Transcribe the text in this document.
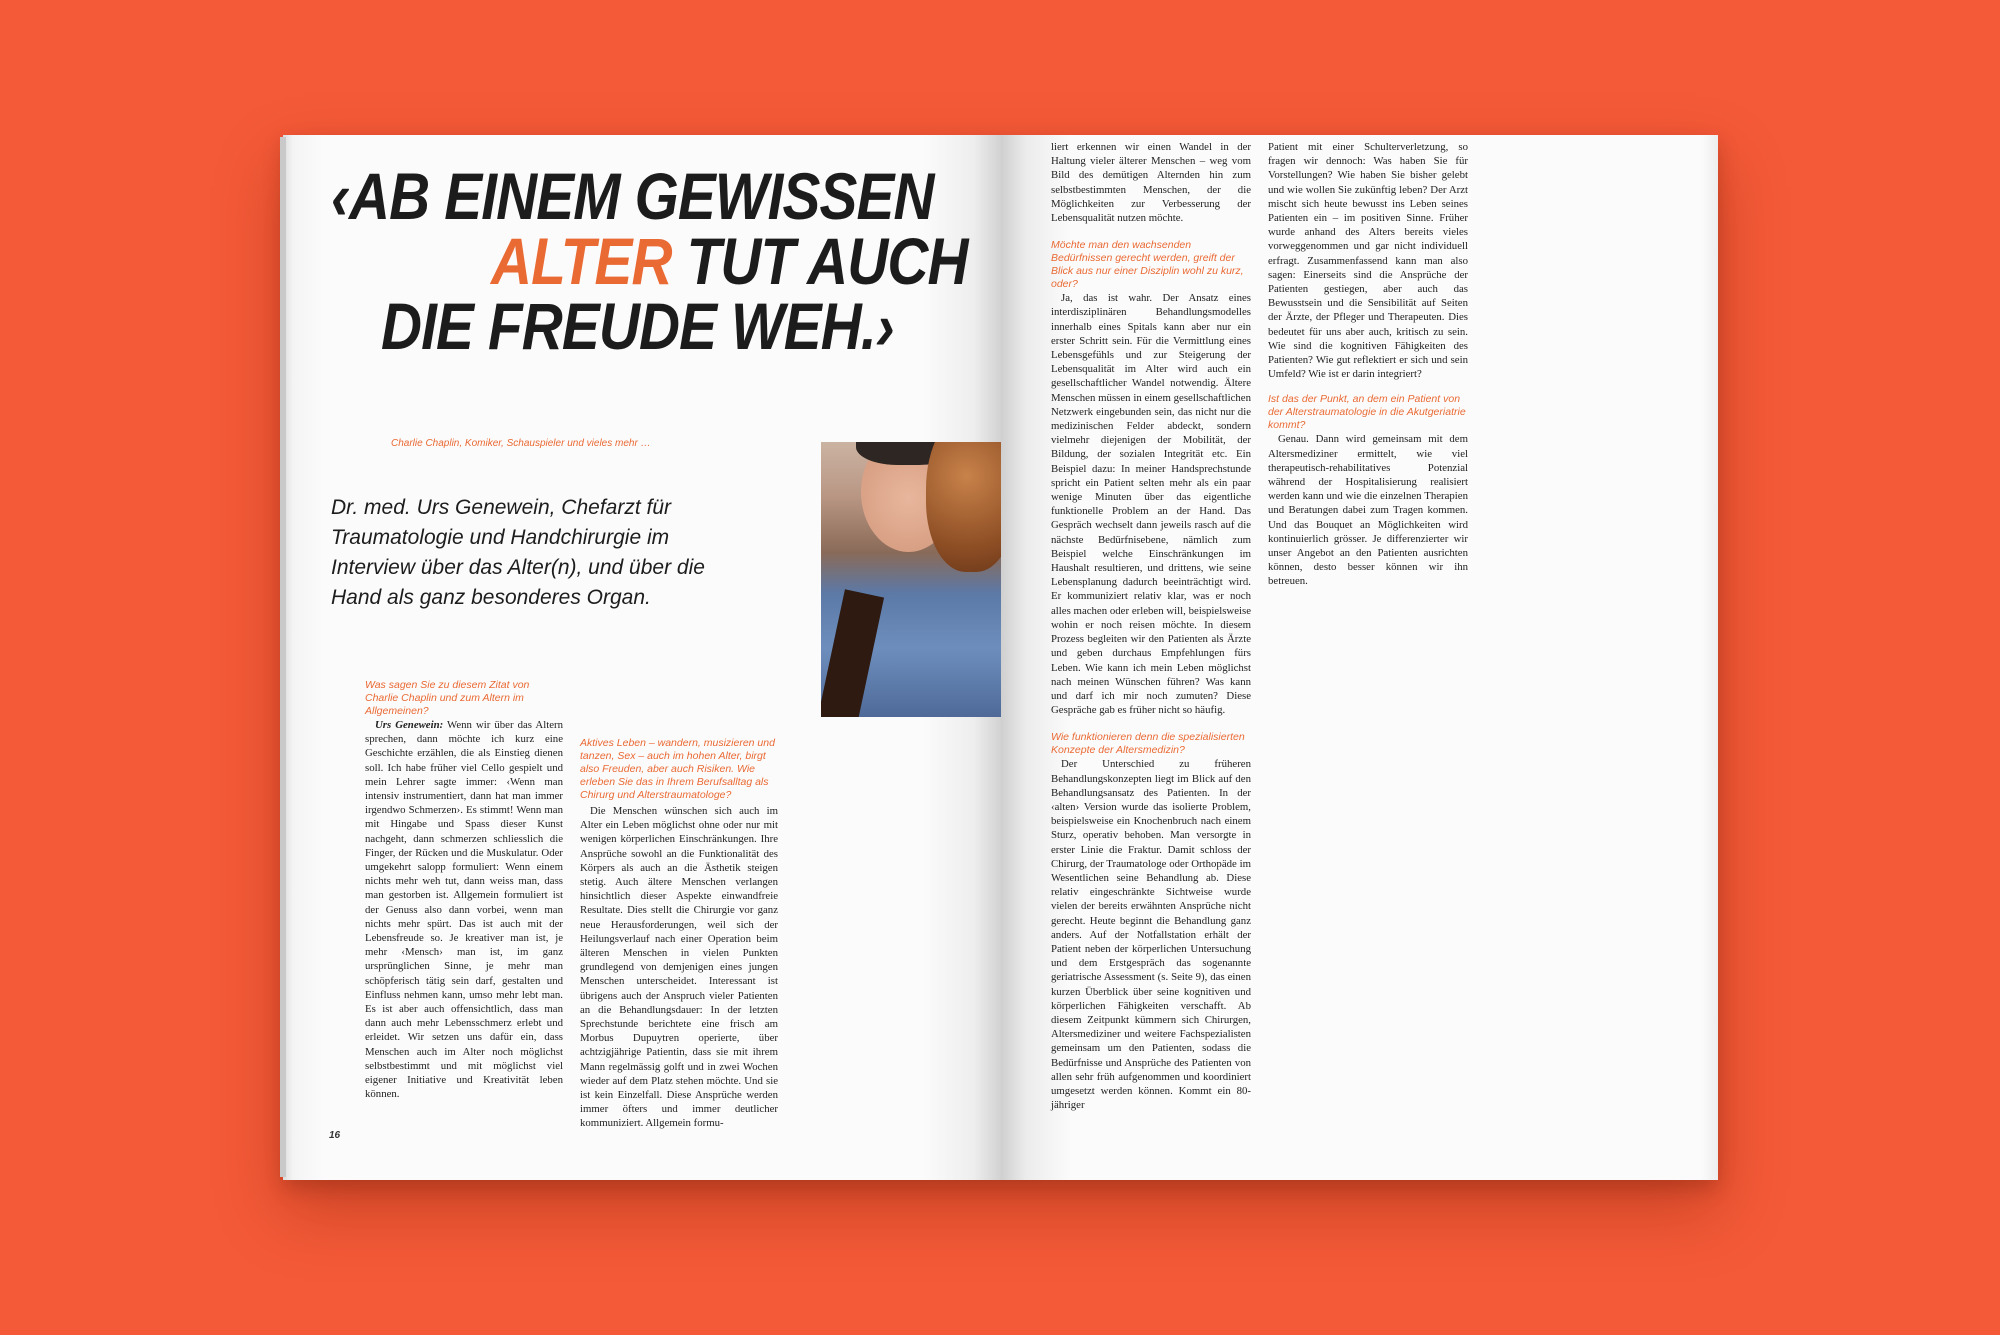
‹AB EINEM GEWISSEN
ALTER TUT AUCH
DIE FREUDE WEH.›
Charlie Chaplin, Komiker, Schauspieler und vieles mehr …

Dr. med. Urs Genewein, Chefarzt für Traumatologie und Handchirurgie im Interview über das Alter(n), und über die Hand als ganz besonderes Organ.

Was sagen Sie zu diesem Zitat von Charlie Chaplin und zum Altern im Allgemeinen?

Urs Genewein: Wenn wir über das Altern sprechen, dann möchte ich kurz eine Geschichte erzählen, die als Einstieg dienen soll. Ich habe früher viel Cello gespielt und mein Lehrer sagte immer: ‹Wenn man intensiv instrumentiert, dann hat man immer irgendwo Schmerzen›. Es stimmt! Wenn man mit Hingabe und Spass dieser Kunst nachgeht, dann schmerzen schliesslich die Finger, der Rücken und die Muskulatur. Oder umgekehrt salopp formuliert: Wenn einem nichts mehr weh tut, dann weiss man, dass man gestorben ist. Allgemein formuliert ist der Genuss also dann vorbei, wenn man nichts mehr spürt. Das ist auch mit der Lebensfreude so. Je kreativer man ist, je mehr ‹Mensch› man ist, im ganz ursprünglichen Sinne, je mehr man schöpferisch tätig sein darf, gestalten und Einfluss nehmen kann, umso mehr lebt man. Es ist aber auch offensichtlich, dass man dann auch mehr Lebensschmerz erlebt und erleidet. Wir setzen uns dafür ein, dass Menschen auch im Alter noch möglichst selbstbestimmt und mit möglichst viel eigener Initiative und Kreativität leben können.

Aktives Leben – wandern, musizieren und tanzen, Sex – auch im hohen Alter, birgt also Freuden, aber auch Risiken. Wie erleben Sie das in Ihrem Berufsalltag als Chirurg und Alterstraumatologe?

Die Menschen wünschen sich auch im Alter ein Leben möglichst ohne oder nur mit wenigen körperlichen Einschränkungen. Ihre Ansprüche sowohl an die Funktionalität des Körpers als auch an die Ästhetik steigen stetig. Auch ältere Menschen verlangen hinsichtlich dieser Aspekte einwandfreie Resultate. Dies stellt die Chirurgie vor ganz neue Herausforderungen, weil sich der Heilungsverlauf nach einer Operation beim älteren Menschen in vielen Punkten grundlegend von demjenigen eines jungen Menschen unterscheidet. Interessant ist übrigens auch der Anspruch vieler Patienten an die Behandlungsdauer: In der letzten Sprechstunde berichtete eine frisch am Morbus Dupuytren operierte, über achtzigjährige Patientin, dass sie mit ihrem Mann regelmässig golft und in zwei Wochen wieder auf dem Platz stehen möchte. Und sie ist kein Einzelfall. Diese Ansprüche werden immer öfters und immer deutlicher kommuniziert. Allgemein formu-

16

liert erkennen wir einen Wandel in der Haltung vieler älterer Menschen – weg vom Bild des demütigen Alternden hin zum selbstbestimmten Menschen, der die Möglichkeiten zur Verbesserung der Lebensqualität nutzen möchte.

Möchte man den wachsenden Bedürfnissen gerecht werden, greift der Blick aus nur einer Disziplin wohl zu kurz, oder?

Ja, das ist wahr. Der Ansatz eines interdisziplinären Behandlungsmodelles innerhalb eines Spitals kann aber nur ein erster Schritt sein. Für die Vermittlung eines Lebensgefühls und zur Steigerung der Lebensqualität im Alter wird auch ein gesellschaftlicher Wandel notwendig. Ältere Menschen müssen in einem gesellschaftlichen Netzwerk eingebunden sein, das nicht nur die medizinischen Felder abdeckt, sondern vielmehr diejenigen der Mobilität, der Bildung, der sozialen Integrität etc. Ein Beispiel dazu: In meiner Handsprechstunde spricht ein Patient selten mehr als ein paar wenige Minuten über das eigentliche funktionelle Problem an der Hand. Das Gespräch wechselt dann jeweils rasch auf die nächste Bedürfnisebene, nämlich zum Beispiel welche Einschränkungen im Haushalt resultieren, und drittens, wie seine Lebensplanung dadurch beeinträchtigt wird. Er kommuniziert relativ klar, was er noch alles machen oder erleben will, beispielsweise wohin er noch reisen möchte. In diesem Prozess begleiten wir den Patienten als Ärzte und geben durchaus Empfehlungen fürs Leben. Wie kann ich mein Leben möglichst nach meinen Wünschen führen? Was kann und darf ich mir noch zumuten? Diese Gespräche gab es früher nicht so häufig.

Wie funktionieren denn die spezialisierten Konzepte der Altersmedizin?

Der Unterschied zu früheren Behandlungskonzepten liegt im Blick auf den Behandlungsansatz des Patienten. In der ‹alten› Version wurde das isolierte Problem, beispielsweise ein Knochenbruch nach einem Sturz, operativ behoben. Man versorgte in erster Linie die Fraktur. Damit schloss der Chirurg, der Traumatologe oder Orthopäde im Wesentlichen seine Behandlung ab. Diese relativ eingeschränkte Sichtweise wurde vielen der bereits erwähnten Ansprüche nicht gerecht. Heute beginnt die Behandlung ganz anders. Auf der Notfallstation erhält der Patient neben der körperlichen Untersuchung und dem Erstgespräch das sogenannte geriatrische Assessment (s. Seite 9), das einen kurzen Überblick über seine kognitiven und körperlichen Fähigkeiten verschafft. Ab diesem Zeitpunkt kümmern sich Chirurgen, Altersmediziner und weitere Fachspezialisten gemeinsam um den Patienten, sodass die Bedürfnisse und Ansprüche des Patienten von allen sehr früh aufgenommen und koordiniert umgesetzt werden können. Kommt ein 80-jähriger

Patient mit einer Schulterverletzung, so fragen wir dennoch: Was haben Sie für Vorstellungen? Wie haben Sie bisher gelebt und wie wollen Sie zukünftig leben? Der Arzt mischt sich heute bewusst ins Leben seines Patienten ein – im positiven Sinne. Früher wurde anhand des Alters bereits vieles vorweggenommen und gar nicht individuell erfragt. Zusammenfassend kann man also sagen: Einerseits sind die Ansprüche der Patienten gestiegen, aber auch das Bewusstsein und die Sensibilität auf Seiten der Ärzte, der Pfleger und Therapeuten. Dies bedeutet für uns aber auch, kritisch zu sein. Wie sind die kognitiven Fähigkeiten des Patienten? Wie gut reflektiert er sich und sein Umfeld? Wie ist er darin integriert?

Ist das der Punkt, an dem ein Patient von der Alterstraumatologie in die Akutgeriatrie kommt?

Genau. Dann wird gemeinsam mit dem Altersmediziner ermittelt, wie viel therapeutisch-rehabilitatives Potenzial während der Hospitalisierung realisiert werden kann und wie die einzelnen Therapien und Beratungen dabei zum Tragen kommen. Und das Bouquet an Möglichkeiten wird kontinuierlich grösser. Je differenzierter wir unser Angebot an den Patienten ausrichten können, desto besser können wir ihn betreuen.
